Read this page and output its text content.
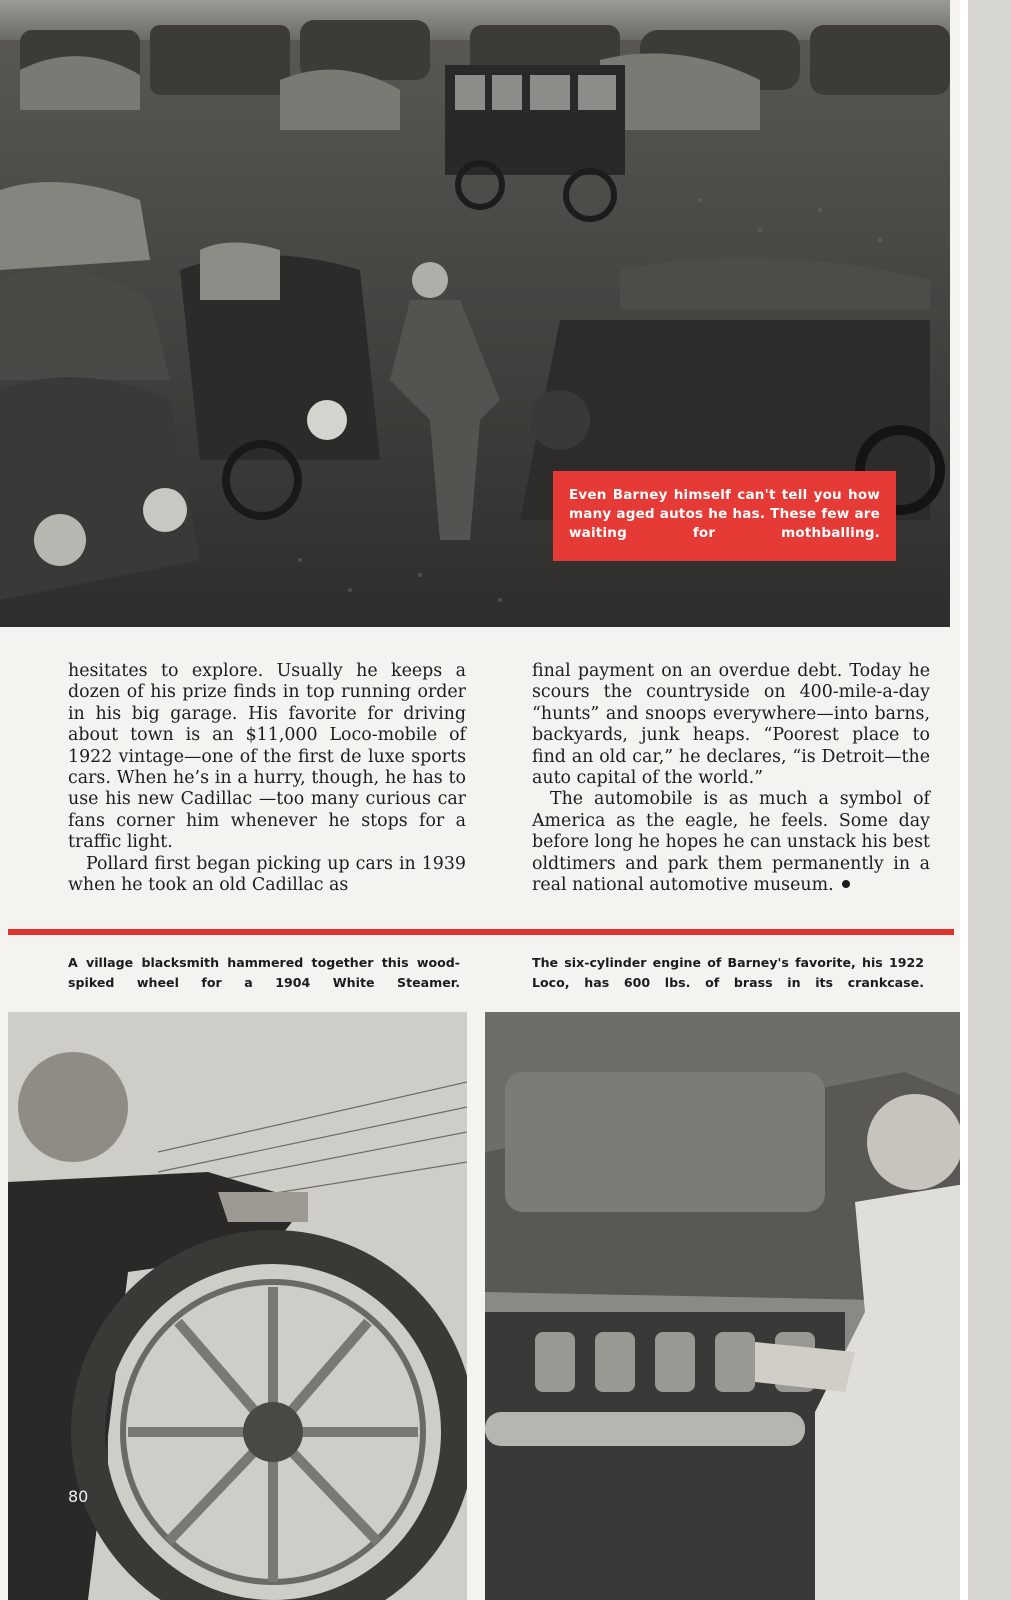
Even Barney himself can't tell you how many aged autos he has. These few are waiting for mothballing.

hesitates to explore. Usually he keeps a dozen of his prize finds in top running order in his big garage. His favorite for driving about town is an $11,000 Loco-mobile of 1922 vintage—one of the first de luxe sports cars. When he’s in a hurry, though, he has to use his new Cadillac —too many curious car fans corner him whenever he stops for a traffic light.

Pollard first began picking up cars in 1939 when he took an old Cadillac as

final payment on an overdue debt. Today he scours the countryside on 400-mile-a-day “hunts” and snoops everywhere—into barns, backyards, junk heaps. “Poorest place to find an old car,” he declares, “is Detroit—the auto capital of the world.”

The automobile is as much a symbol of America as the eagle, he feels. Some day before long he hopes he can unstack his best oldtimers and park them permanently in a real national automotive museum.

A village blacksmith hammered together this wood-spiked wheel for a 1904 White Steamer.
The six-cylinder engine of Barney's favorite, his 1922 Loco, has 600 lbs. of brass in its crankcase.
80
